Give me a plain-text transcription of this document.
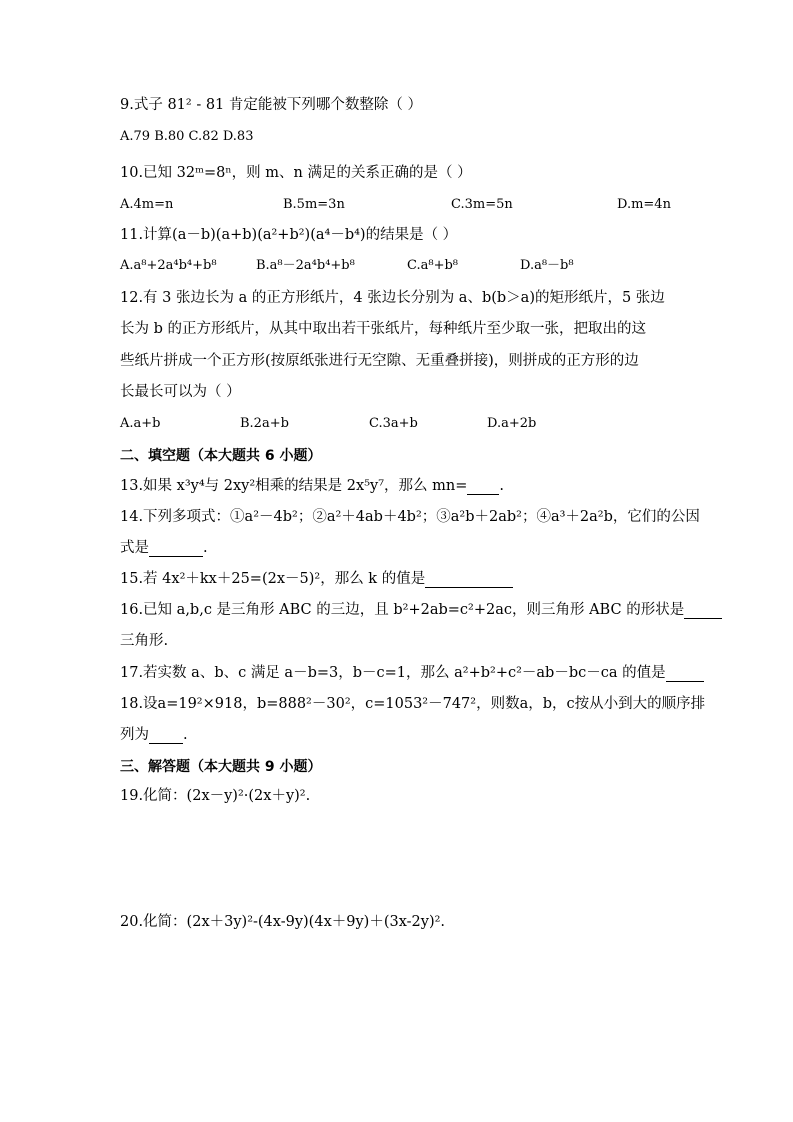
9.式子 81² - 81 肯定能被下列哪个数整除（ ）
A.79 B.80 C.82 D.83
10.已知 32ᵐ=8ⁿ，则 m、n 满足的关系正确的是（ ）
A.4m=n	B.5m=3n	C.3m=5n	D.m=4n
11.计算(a－b)(a+b)(a²+b²)(a⁴－b⁴)的结果是（ ）
A.a⁸+2a⁴b⁴+b⁸	B.a⁸－2a⁴b⁴+b⁸	C.a⁸+b⁸	D.a⁸－b⁸
12.有 3 张边长为 a 的正方形纸片，4 张边长分别为 a、b(b＞a)的矩形纸片，5 张边
长为 b 的正方形纸片，从其中取出若干张纸片，每种纸片至少取一张，把取出的这
些纸片拼成一个正方形(按原纸张进行无空隙、无重叠拼接)，则拼成的正方形的边
长最长可以为（ ）
A.a+b	B.2a+b	C.3a+b	D.a+2b
二、填空题（本大题共 6 小题）
13.如果 x³y⁴与 2xy²相乘的结果是 2x⁵y⁷，那么 mn= .
14.下列多项式：①a²－4b²；②a²＋4ab＋4b²；③a²b＋2ab²；④a³＋2a²b，它们的公因
式是	.
15.若 4x²＋kx＋25=(2x－5)²，那么 k 的值是
16.已知 a,b,c 是三角形 ABC 的三边，且 b²+2ab=c²+2ac，则三角形 ABC 的形状是
三角形.
17.若实数 a、b、c 满足 a－b=3，b－c=1，那么 a²+b²+c²－ab－bc－ca 的值是
18.设a=19²×918，b=888²－30²，c=1053²－747²，则数a，b，c按从小到大的顺序排
列为 .
三、解答题（本大题共 9 小题）
19.化简：(2x－y)²·(2x＋y)².
20.化简：(2x＋3y)²-(4x-9y)(4x＋9y)＋(3x-2y)².
